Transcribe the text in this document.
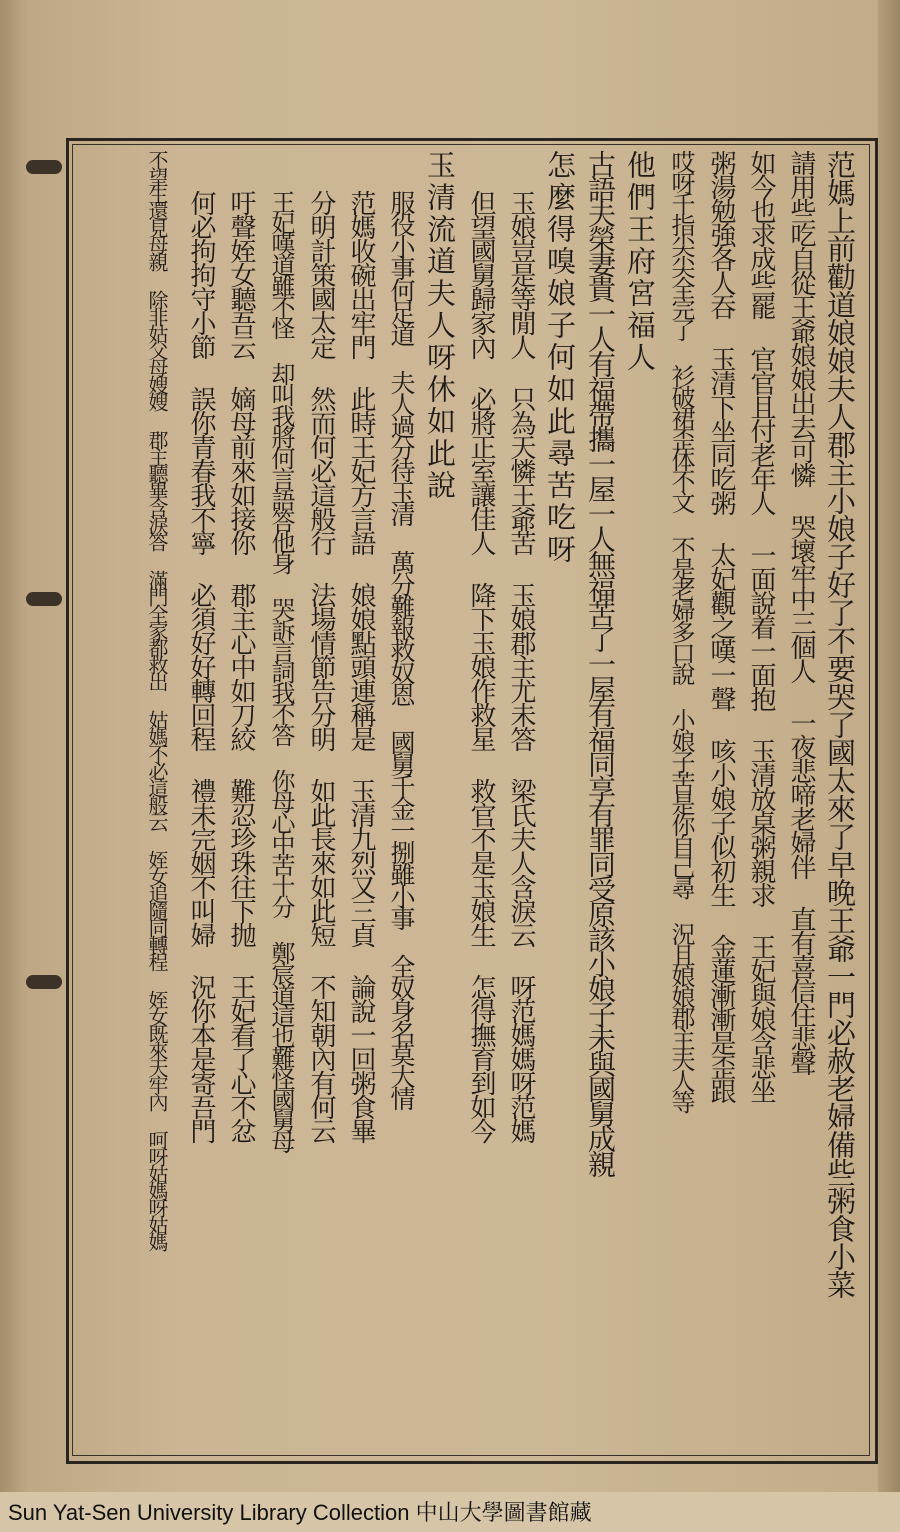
范媽上前勸道娘娘夫人郡主小娘子好了不要哭了國太來了早晚王爺一門必赦老婦備些粥食小菜
請用些吃自從王爺娘娘出去可憐 哭壞牢中三個人 一夜悲啼老婦伴 直有喜信住悲聲
如今也求成些罷 官官且付老年人 一面說着一面抱 玉清放桌粥親求 王妃與娘含悲坐
粥湯勉強各人吞 玉清下坐同吃粥 太妃觀之嘆一聲 咳小娘子似初生 金蓮漸漸是歪跟
哎呀千指尖尖全完了 衫破裙歪体不文 不是老婦多口說 小娘子苦是你自己尋 況且娘娘郡主夫人等
他們王府宮福人
古語夫榮妻貴一人有福帶攜一屋一人無福苦了一屋有福同享有罪同受原該小娘子未與國舅成親
怎麼得嗅娘子何如此尋苦吃呀
玉娘豈是等閒人 只為天憐王爺苦 玉娘郡主尤未答 梁氏夫人含淚云 呀范媽媽呀范媽
但望國舅歸家內 必將正室讓佳人 降下玉娘作救星 救官不是玉娘生 怎得撫育到如今
玉清流道夫人呀休如此說
服役小事何足道 夫人過分待玉清 萬分難報救奴恩 國舅千金一捌雖小事 全奴身名莫大情
范媽收碗出牢門 此時王妃方言語 娘娘點頭連稱是 玉清九烈又三貞 論說一回粥食畢
分明計策國太定 然而何必這般行 法場情節告分明 如此長來如此短 不知朝內有何云
王妃嘆道雖不怪 却叫我將何言語答他身 哭訴言詞我不答 你母心中苦十分 鄭宸道這也難怪國舅母
吁聲姪女聽吾云 嫡母前來如接你 郡主心中如刀絞 難忍珍珠往下抛 王妃看了心不忿
何必拘拘守小節 誤你青春我不寧 必須好好轉回程 禮未完姻不叫婦 況你本是寄吾門
不望生還見母親 除非姑父母嫂嫂 郡主聽畢含淚答 滿門全家都救出 姑媽不必這般云 姪女追隨同轉程 姪女既來天牢內 呵呀姑媽呀姑媽
Sun Yat-Sen University Library Collection 中山大學圖書館藏
